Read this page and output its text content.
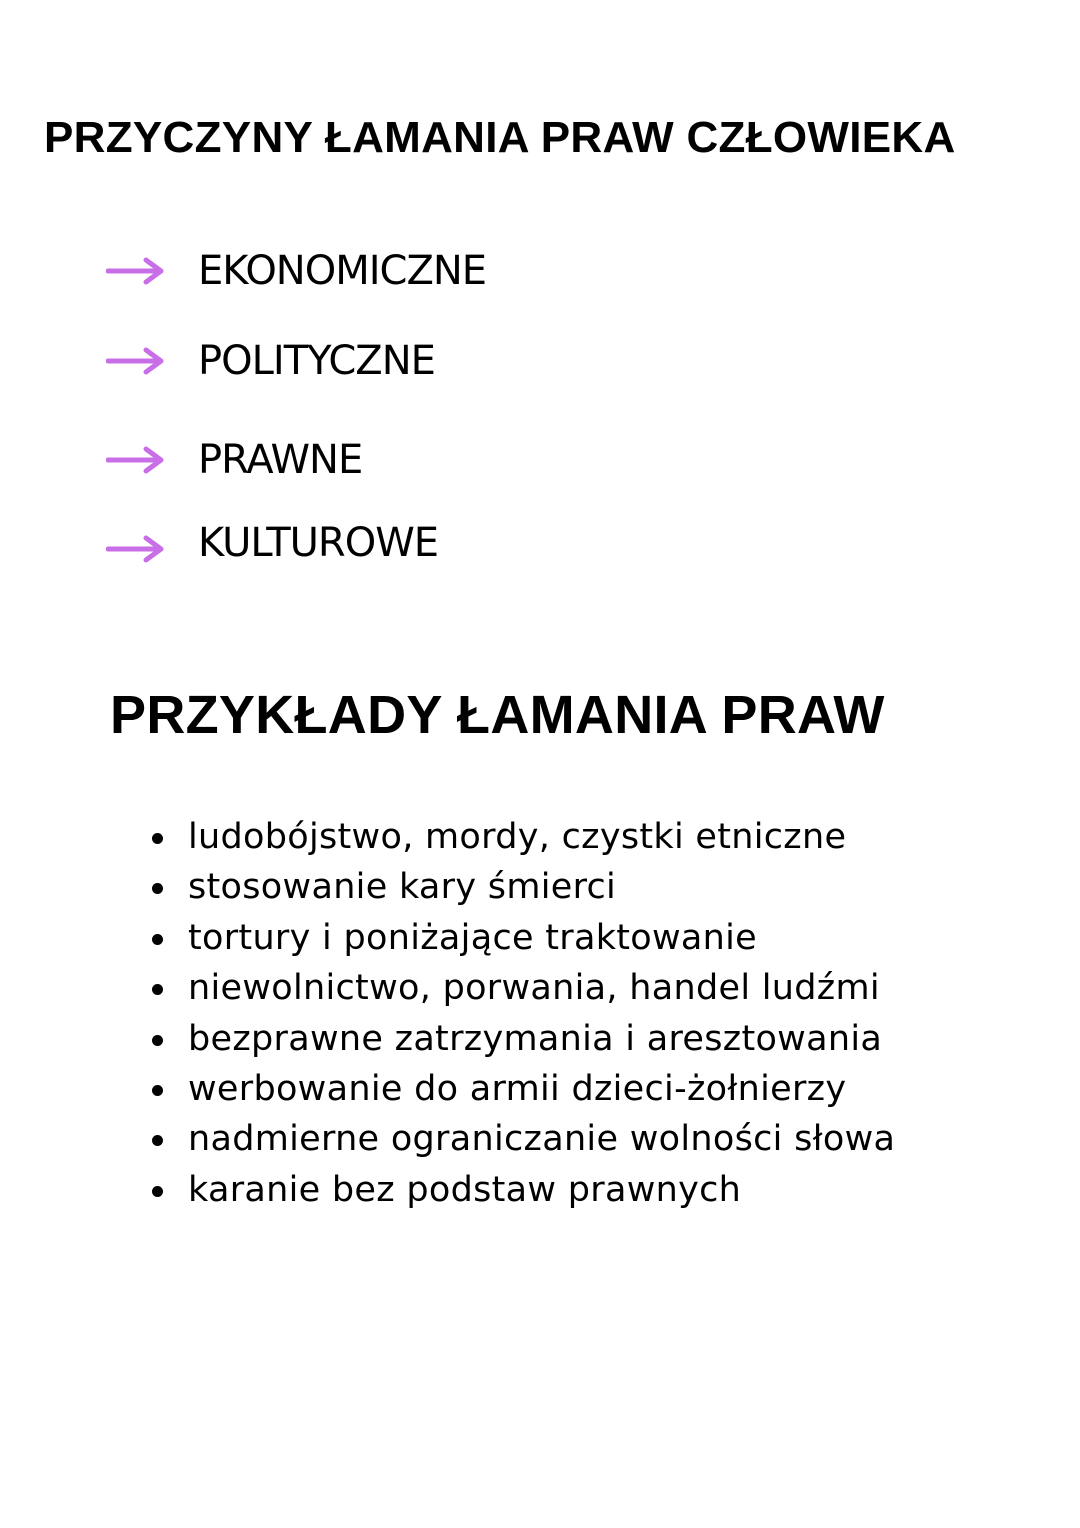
PRZYCZYNY ŁAMANIA PRAW CZŁOWIEKA
EKONOMICZNE
POLITYCZNE
PRAWNE
KULTUROWE
PRZYKŁADY ŁAMANIA PRAW
ludobójstwo, mordy, czystki etniczne
stosowanie kary śmierci
tortury i poniżające traktowanie
niewolnictwo, porwania, handel ludźmi
bezprawne zatrzymania i aresztowania
werbowanie do armii dzieci-żołnierzy
nadmierne ograniczanie wolności słowa
karanie bez podstaw prawnych
